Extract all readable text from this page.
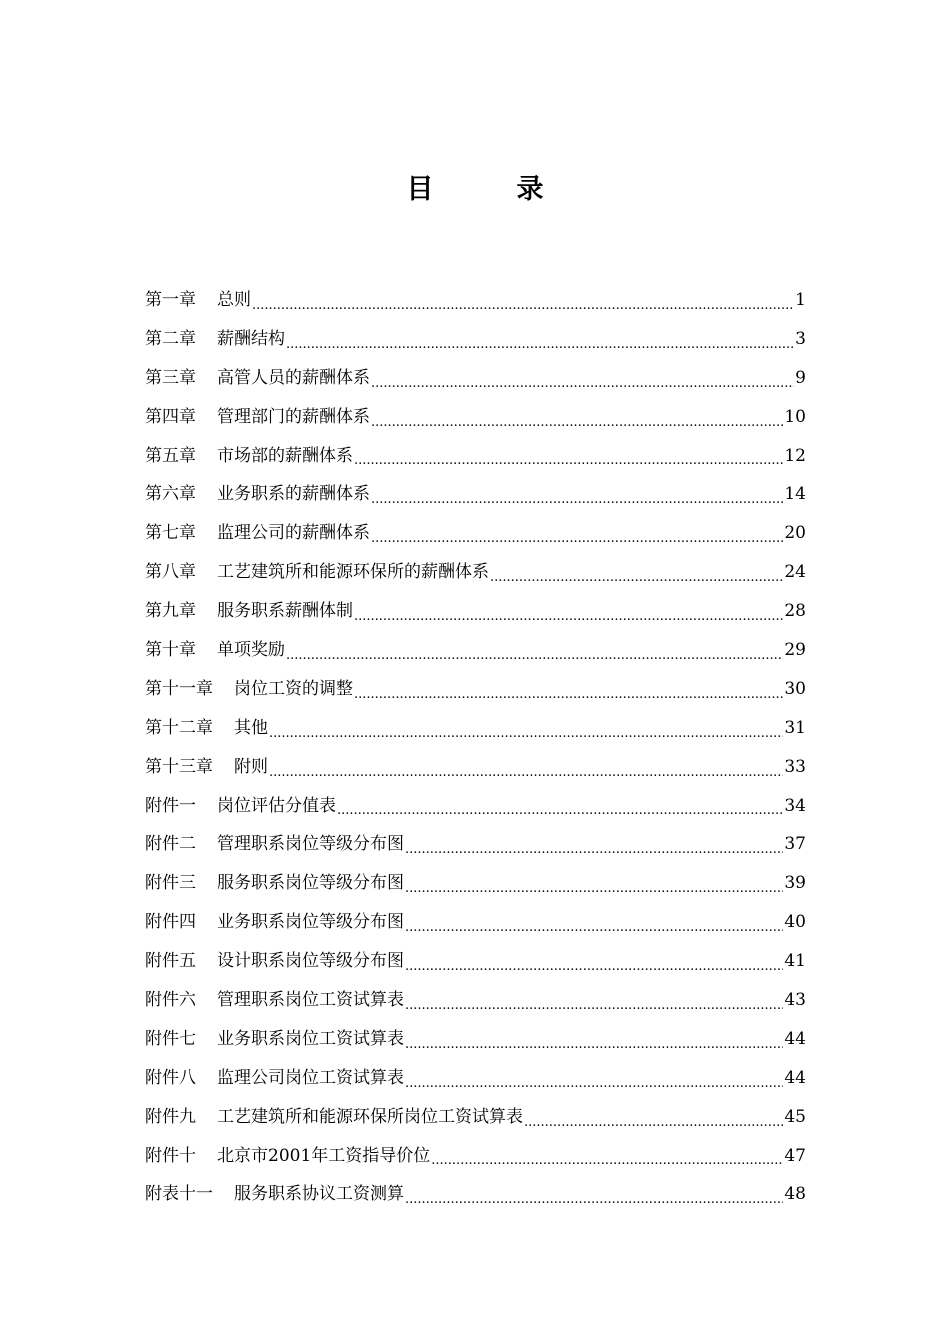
目　录
第一章 总则 .....	1
第二章 薪酬结构 .....	3
第三章 高管人员的薪酬体系 .....	9
第四章 管理部门的薪酬体系 .....	10
第五章 市场部的薪酬体系 .....	12
第六章 业务职系的薪酬体系 .....	14
第七章 监理公司的薪酬体系 .....	20
第八章 工艺建筑所和能源环保所的薪酬体系 .....	24
第九章 服务职系薪酬体制 .....	28
第十章 单项奖励 .....	29
第十一章 岗位工资的调整 .....	30
第十二章 其他 .....	31
第十三章 附则 .....	33
附件一 岗位评估分值表 .....	34
附件二 管理职系岗位等级分布图 .....	37
附件三 服务职系岗位等级分布图 .....	39
附件四 业务职系岗位等级分布图 .....	40
附件五 设计职系岗位等级分布图 .....	41
附件六 管理职系岗位工资试算表 .....	43
附件七 业务职系岗位工资试算表 .....	44
附件八 监理公司岗位工资试算表 .....	44
附件九 工艺建筑所和能源环保所岗位工资试算表 .....	45
附件十 北京市2001年工资指导价位 .....	47
附表十一 服务职系协议工资测算 .....	48
